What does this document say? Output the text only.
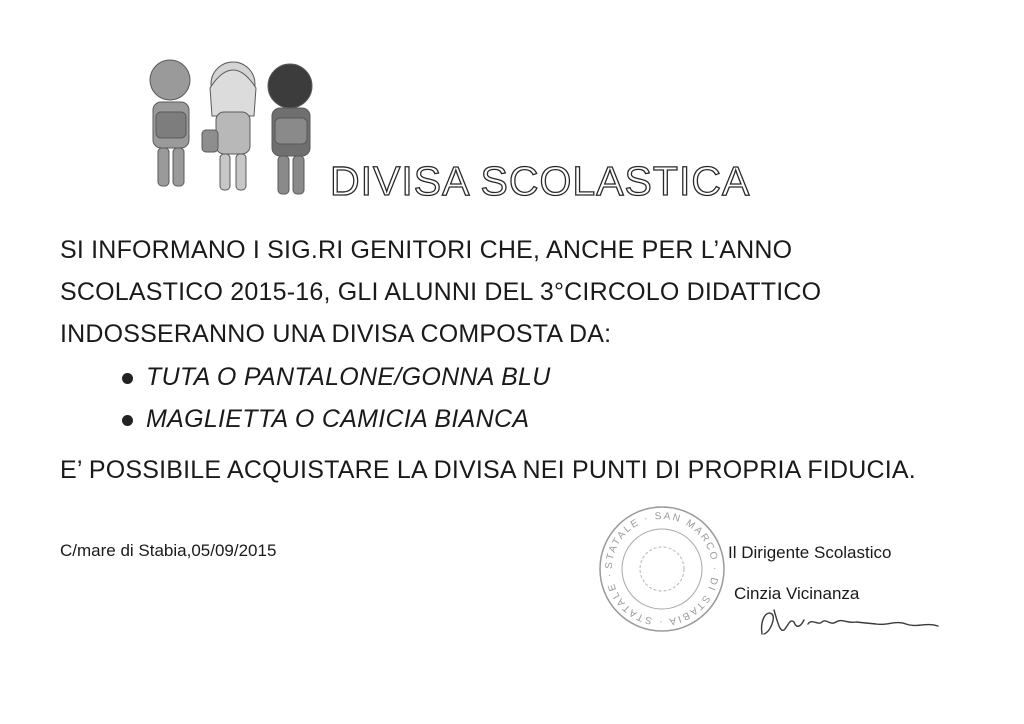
DIVISA SCOLASTICA

SI INFORMANO I SIG.RI GENITORI CHE, ANCHE PER L’ANNO SCOLASTICO 2015-16, GLI ALUNNI DEL 3°CIRCOLO DIDATTICO INDOSSERANNO UNA DIVISA COMPOSTA DA:

TUTA O PANTALONE/GONNA BLU
MAGLIETTA O CAMICIA BIANCA

E’ POSSIBILE ACQUISTARE LA DIVISA NEI PUNTI DI PROPRIA FIDUCIA.

C/mare di Stabia,05/09/2015
STATALE · SAN MARCO · DI STABIA · STATALE ·
Il Dirigente Scolastico
Cinzia Vicinanza
